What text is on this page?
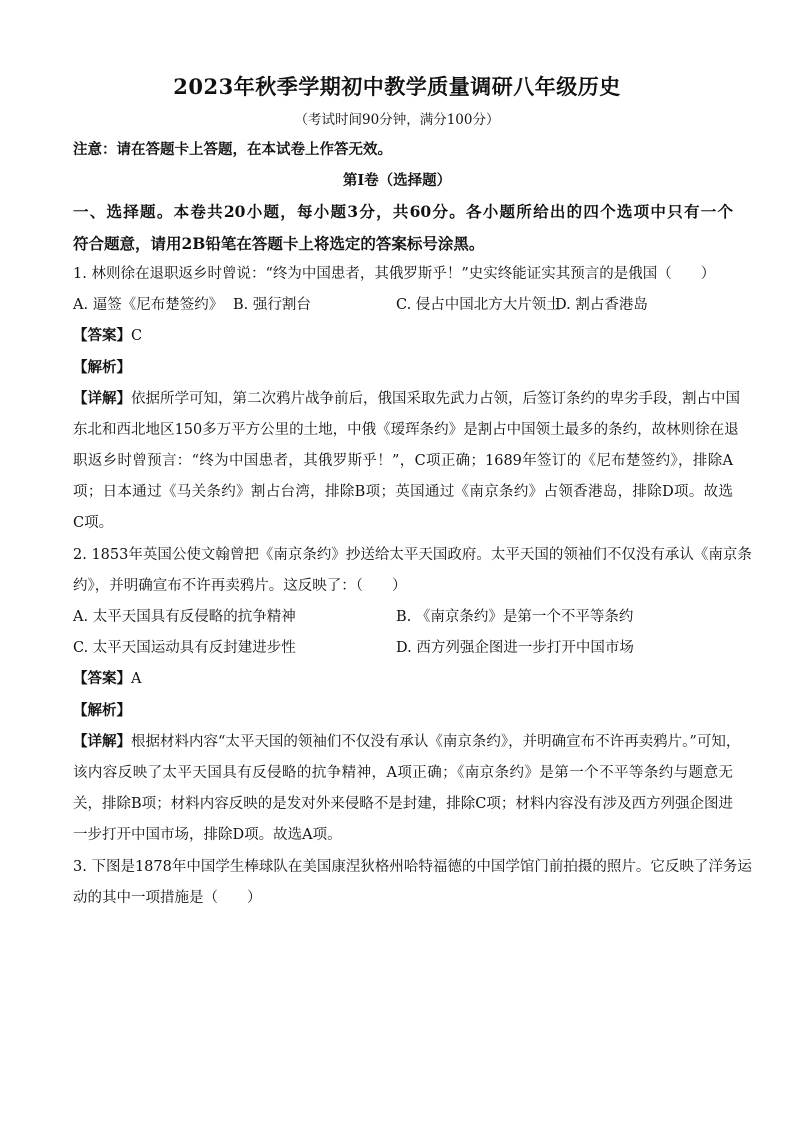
2023年秋季学期初中教学质量调研八年级历史
（考试时间90分钟，满分100分）
注意：请在答题卡上答题，在本试卷上作答无效。
第Ⅰ卷（选择题）
一、选择题。本卷共20小题，每小题3分，共60分。各小题所给出的四个选项中只有一个
符合题意，请用2B铅笔在答题卡上将选定的答案标号涂黑。
1. 林则徐在退职返乡时曾说：“终为中国患者，其俄罗斯乎！”史实终能证实其预言的是俄国（　　）
A. 逼签《尼布楚签约》 B. 强行割台	C. 侵占中国北方大片领土
D. 割占香港岛
【答案】C
【解析】
【详解】依据所学可知，第二次鸦片战争前后，俄国采取先武力占领，后签订条约的卑劣手段，割占中国
东北和西北地区150多万平方公里的土地，中俄《瑷珲条约》是割占中国领土最多的条约，故林则徐在退
职返乡时曾预言：“终为中国患者，其俄罗斯乎！”，C项正确；1689年签订的《尼布楚签约》，排除A
项；日本通过《马关条约》割占台湾，排除B项；英国通过《南京条约》占领香港岛，排除D项。故选
C项。
2. 1853年英国公使文翰曾把《南京条约》抄送给太平天国政府。太平天国的领袖们不仅没有承认《南京条
约》，并明确宣布不许再卖鸦片。这反映了：（　　）
A. 太平天国具有反侵略的抗争精神	B. 《南京条约》是第一个不平等条约
C. 太平天国运动具有反封建进步性	D. 西方列强企图进一步打开中国市场
【答案】A
【解析】
【详解】根据材料内容“太平天国的领袖们不仅没有承认《南京条约》，并明确宣布不许再卖鸦片。”可知，
该内容反映了太平天国具有反侵略的抗争精神，A项正确；《南京条约》是第一个不平等条约与题意无
关，排除B项；材料内容反映的是发对外来侵略不是封建，排除C项；材料内容没有涉及西方列强企图进
一步打开中国市场，排除D项。故选A项。
3. 下图是1878年中国学生棒球队在美国康涅狄格州哈特福德的中国学馆门前拍摄的照片。它反映了洋务运
动的其中一项措施是（　　）
